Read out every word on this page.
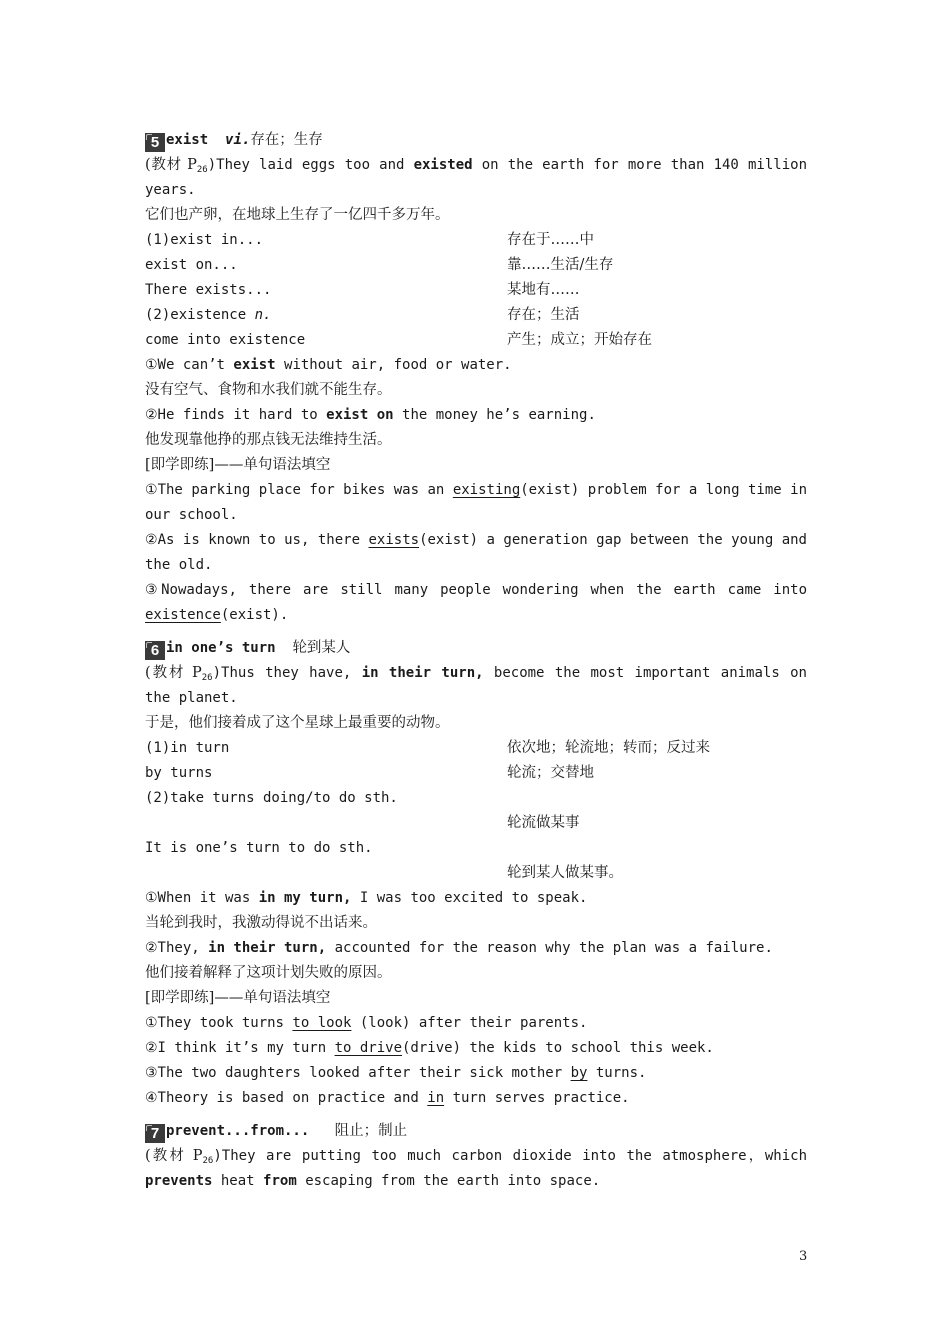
5 exist vi.存在；生存
(教材 $P_{26})They$ laid eggs too and existed on the earth for more than 140 million
years.
它们也产卵，在地球上生存了一亿四千多万年。
(1)exist in...	存在于……中
exist on...	靠……生活/生存
There exists...	某地有……
(2)existence n.	存在；生活
come into existence	产生；成立；开始存在
①We can’t exist without air, food or water.
没有空气、食物和水我们就不能生存。
②He finds it hard to exist on the money he’s earning.
他发现靠他挣的那点钱无法维持生活。
[即学即练]——单句语法填空
①The parking place for bikes was an existing(exist) problem for a long time in
our school.
②As is known to us, there exists(exist) a generation gap between the young and
the old.
③Nowadays, there are still many people wondering when the earth came into
existence(exist).
6 in one’s turn 轮到某人
(教材 $P_{26})Thus$ they have, in their turn, become the most important animals on
the planet.
于是，他们接着成了这个星球上最重要的动物。
(1)in turn	依次地；轮流地；转而；反过来
by turns	轮流；交替地
(2)take turns doing/to do sth.
轮流做某事
It is one’s turn to do sth.
轮到某人做某事。
①When it was in my turn, I was too excited to speak.
当轮到我时，我激动得说不出话来。
②They, in their turn, accounted for the reason why the plan was a failure.
他们接着解释了这项计划失败的原因。
[即学即练]——单句语法填空
①They took turns to look (look) after their parents.
②I think it’s my turn to drive(drive) the kids to school this week.
③The two daughters looked after their sick mother by turns.
④Theory is based on practice and in turn serves practice.
7 prevent...from... 阻止；制止
(教材 $P_{26})They$ are putting too much carbon dioxide into the atmosphere，which
prevents heat from escaping from the earth into space.
3
